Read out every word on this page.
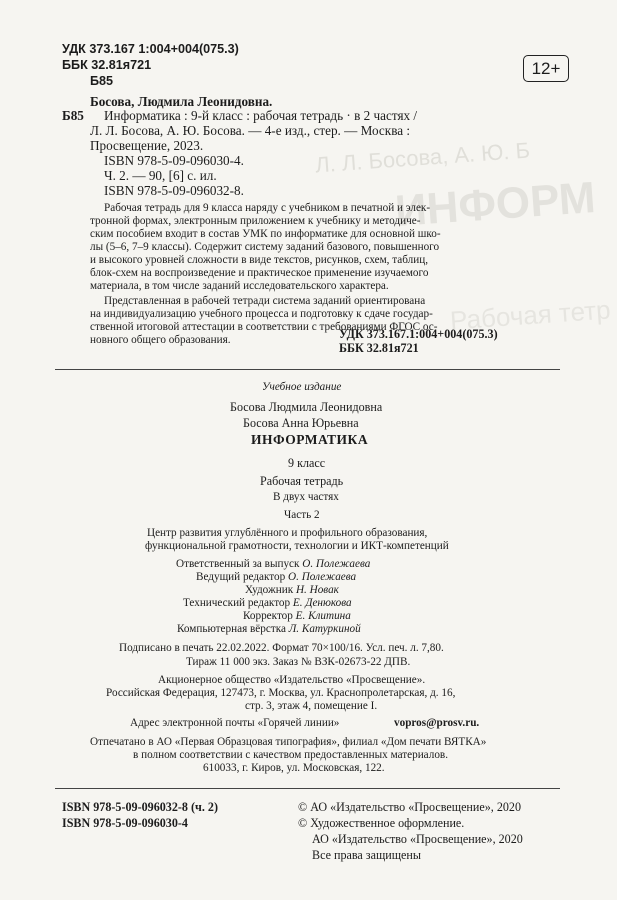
Л. Л. Босова, А. Ю. Б
ИНФОРМ
Рабочая тетр
УДК 373.167 1:004+004(075.3)
ББК 32.81я721
Б85
12+
Б85
Босова, Людмила Леонидовна.
Информатика : 9-й класс : рабочая тетрадь · в 2 частях /
Л. Л. Босова, А. Ю. Босова. — 4-е изд., стер. — Москва :
Просвещение, 2023.
ISBN 978-5-09-096030-4.
Ч. 2. — 90, [6] с. ил.
ISBN 978-5-09-096032-8.
Рабочая тетрадь для 9 класса наряду с учебником в печатной и элек-
тронной формах, электронным приложением к учебнику и методиче-
ским пособием входит в состав УМК по информатике для основной шко-
лы (5–6, 7–9 классы). Содержит систему заданий базового, повышенного
и высокого уровней сложности в виде текстов, рисунков, схем, таблиц,
блок-схем на воспроизведение и практическое применение изучаемого
материала, в том числе заданий исследовательского характера.
Представленная в рабочей тетради система заданий ориентирована
на индивидуализацию учебного процесса и подготовку к сдаче государ-
ственной итоговой аттестации в соответствии с требованиями ФГОС ос-
новного общего образования.	УДК 373.167.1:004+004(075.3)
ББК 32.81я721
Учебное издание
Босова Людмила Леонидовна
Босова Анна Юрьевна
ИНФОРМАТИКА
9 класс
Рабочая тетрадь
В двух частях
Часть 2
Центр развития углублённого и профильного образования,
функциональной грамотности, технологии и ИКТ-компетенций
Ответственный за выпуск О. Полежаева
Ведущий редактор О. Полежаева
Художник Н. Новак
Технический редактор Е. Денюкова
Корректор Е. Клитина
Компьютерная вёрстка Л. Катуркиной
Подписано в печать 22.02.2022. Формат 70×100/16. Усл. печ. л. 7,80.
Тираж 11 000 экз. Заказ № ВЗК-02673-22 ДПВ.
Акционерное общество «Издательство «Просвещение».
Российская Федерация, 127473, г. Москва, ул. Краснопролетарская, д. 16,
стр. 3, этаж 4, помещение I.
Адрес электронной почты «Горячей линии»	vopros@prosv.ru.
Отпечатано в АО «Первая Образцовая типография», филиал «Дом печати ВЯТКА»
в полном соответствии с качеством предоставленных материалов.
610033, г. Киров, ул. Московская, 122.
ISBN 978-5-09-096032-8 (ч. 2)
ISBN 978-5-09-096030-4
© АО «Издательство «Просвещение», 2020
© Художественное оформление.
АО «Издательство «Просвещение», 2020
Все права защищены
